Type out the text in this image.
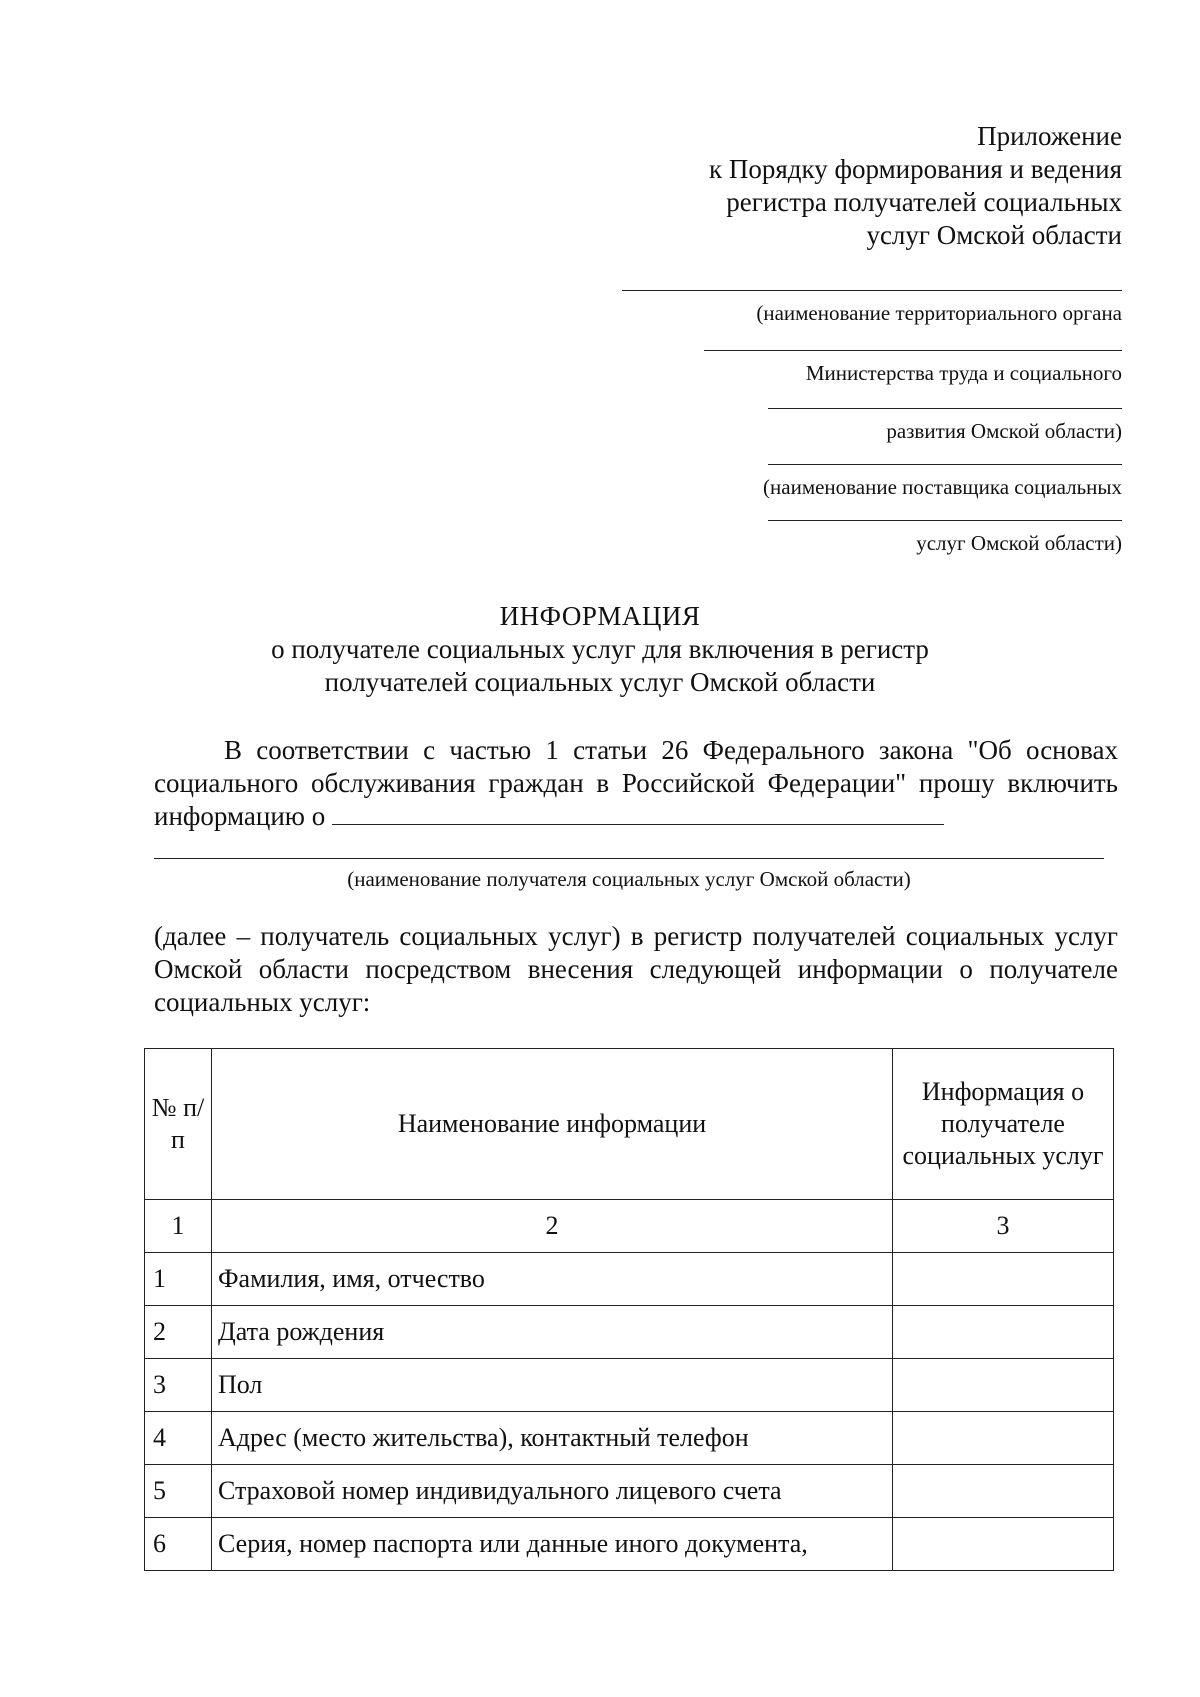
Приложение
к Порядку формирования и ведения
регистра получателей социальных
услуг Омской области
(наименование территориального органа
Министерства труда и социального
развития Омской области)
(наименование поставщика социальных
услуг Омской области)
ИНФОРМАЦИЯ
о получателе социальных услуг для включения в регистр
получателей социальных услуг Омской области
В соответствии с частью 1 статьи 26 Федерального закона "Об основах социального обслуживания граждан в Российской Федерации" прошу включить информацию о
(наименование получателя социальных услуг Омской области)
(далее – получатель социальных услуг) в регистр получателей социальных услуг Омской области посредством внесения следующей информации о получателе социальных услуг:
№ п/п	Наименование информации	Информация о получателе социальных услуг
1	2	3
1	Фамилия, имя, отчество	
2	Дата рождения	
3	Пол	
4	Адрес (место жительства), контактный телефон	
5	Страховой номер индивидуального лицевого счета	
6	Серия, номер паспорта или данные иного документа,	
